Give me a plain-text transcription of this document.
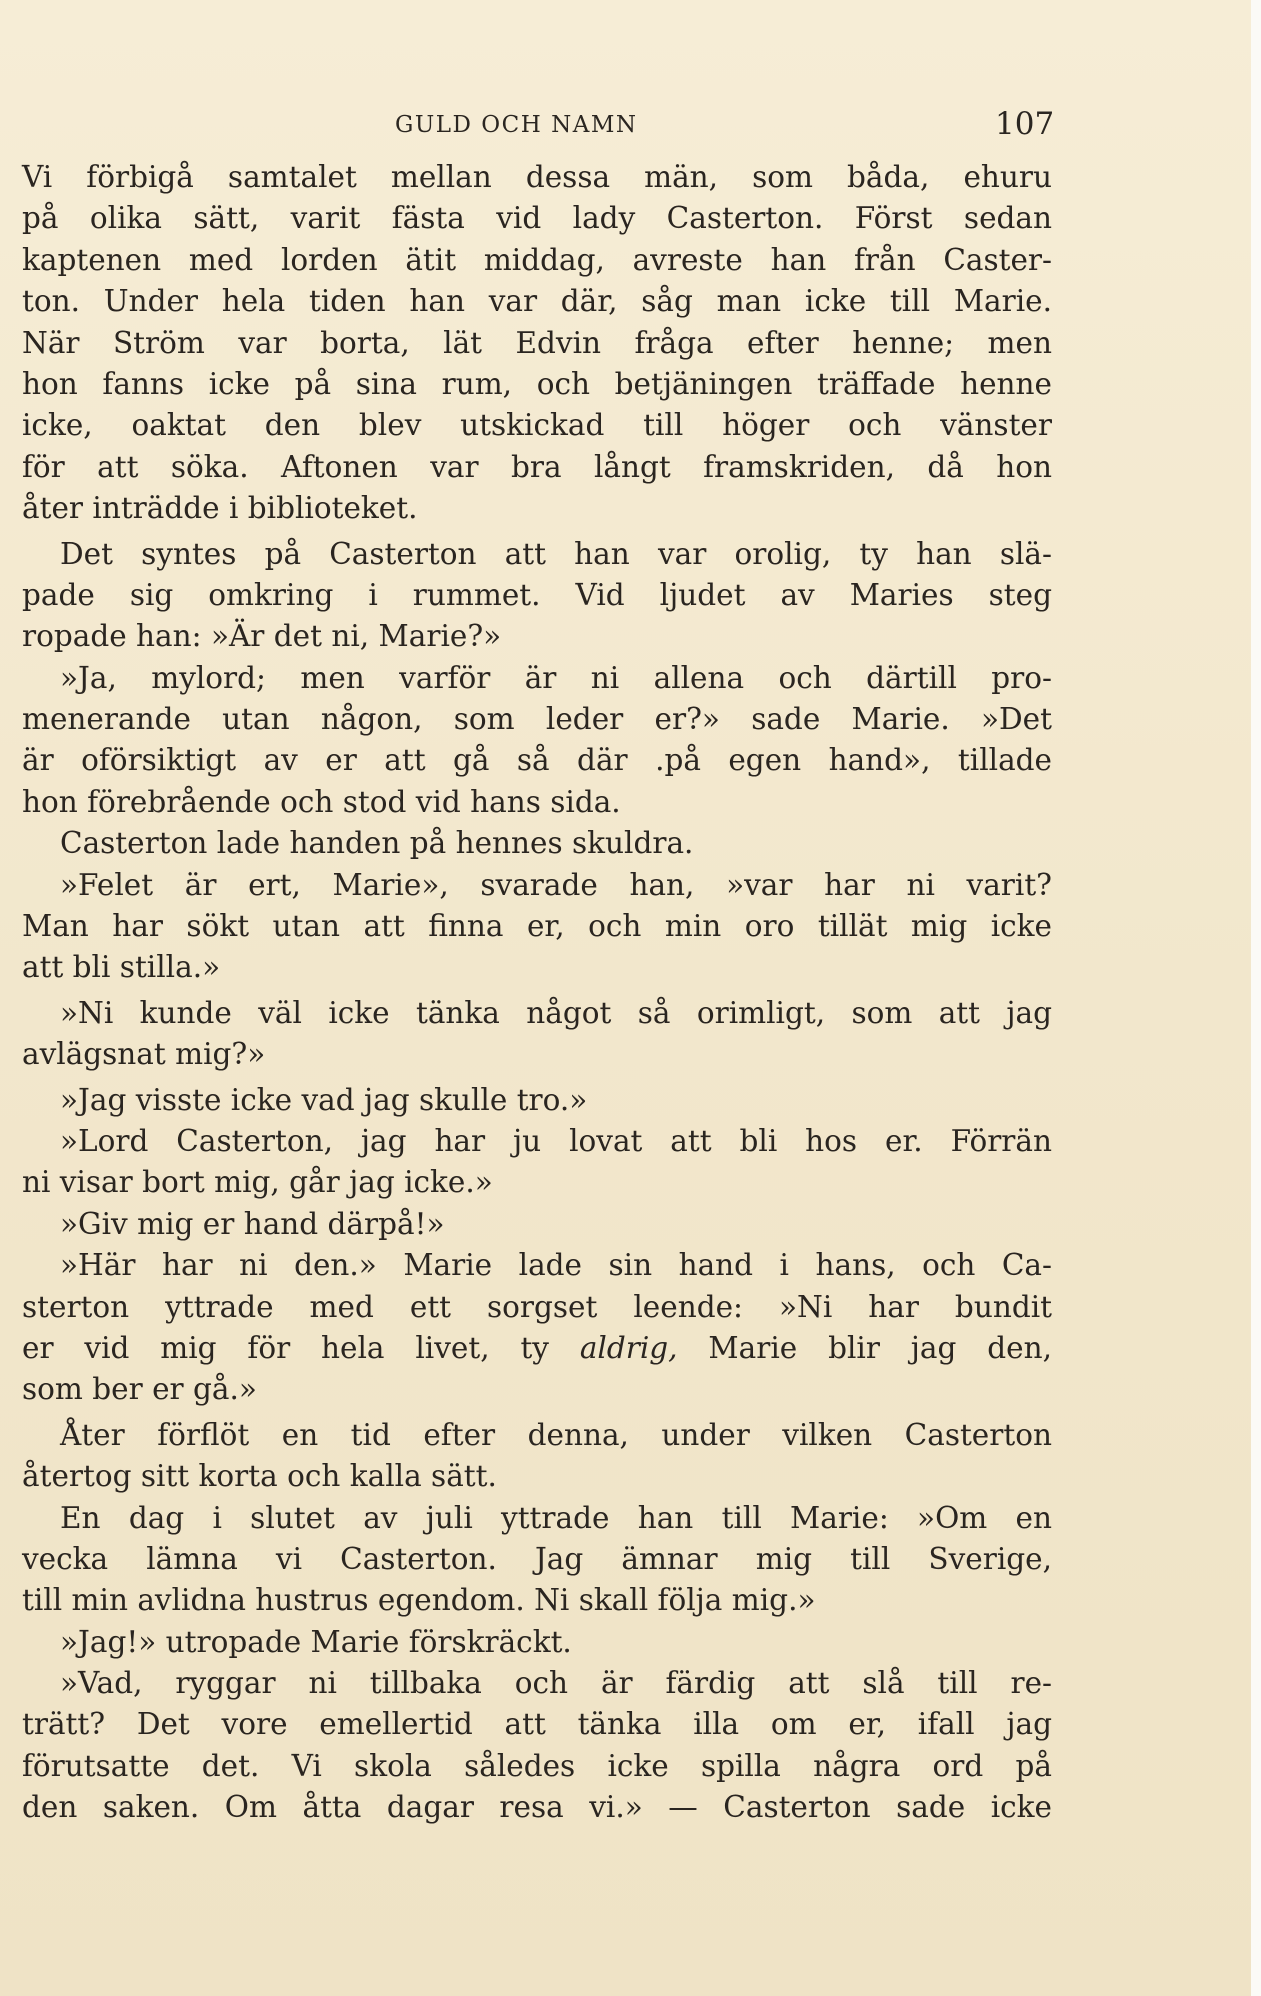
GULD OCH NAMN	107
Vi förbigå samtalet mellan dessa män, som båda, ehuru
på olika sätt, varit fästa vid lady Casterton. Först sedan
kaptenen med lorden ätit middag, avreste han från Caster-
ton. Under hela tiden han var där, såg man icke till Marie.
När Ström var borta, lät Edvin fråga efter henne; men
hon fanns icke på sina rum, och betjäningen träffade henne
icke, oaktat den blev utskickad till höger och vänster
för att söka. Aftonen var bra långt framskriden, då hon
åter inträdde i biblioteket.
Det syntes på Casterton att han var orolig, ty han slä-
pade sig omkring i rummet. Vid ljudet av Maries steg
ropade han: »Är det ni, Marie?»
»Ja, mylord; men varför är ni allena och därtill pro-
menerande utan någon, som leder er?» sade Marie. »Det
är oförsiktigt av er att gå så där .på egen hand», tillade
hon förebrående och stod vid hans sida.
Casterton lade handen på hennes skuldra.
»Felet är ert, Marie», svarade han, »var har ni varit?
Man har sökt utan att finna er, och min oro tillät mig icke
att bli stilla.»
»Ni kunde väl icke tänka något så orimligt, som att jag
avlägsnat mig?»
»Jag visste icke vad jag skulle tro.»
»Lord Casterton, jag har ju lovat att bli hos er. Förrän
ni visar bort mig, går jag icke.»
»Giv mig er hand därpå!»
»Här har ni den.» Marie lade sin hand i hans, och Ca-
sterton yttrade med ett sorgset leende: »Ni har bundit
er vid mig för hela livet, ty aldrig, Marie blir jag den,
som ber er gå.»
Åter förflöt en tid efter denna, under vilken Casterton
återtog sitt korta och kalla sätt.
En dag i slutet av juli yttrade han till Marie: »Om en
vecka lämna vi Casterton. Jag ämnar mig till Sverige,
till min avlidna hustrus egendom. Ni skall följa mig.»
»Jag!» utropade Marie förskräckt.
»Vad, ryggar ni tillbaka och är färdig att slå till re-
trätt? Det vore emellertid att tänka illa om er, ifall jag
förutsatte det. Vi skola således icke spilla några ord på
den saken. Om åtta dagar resa vi.» — Casterton sade icke
